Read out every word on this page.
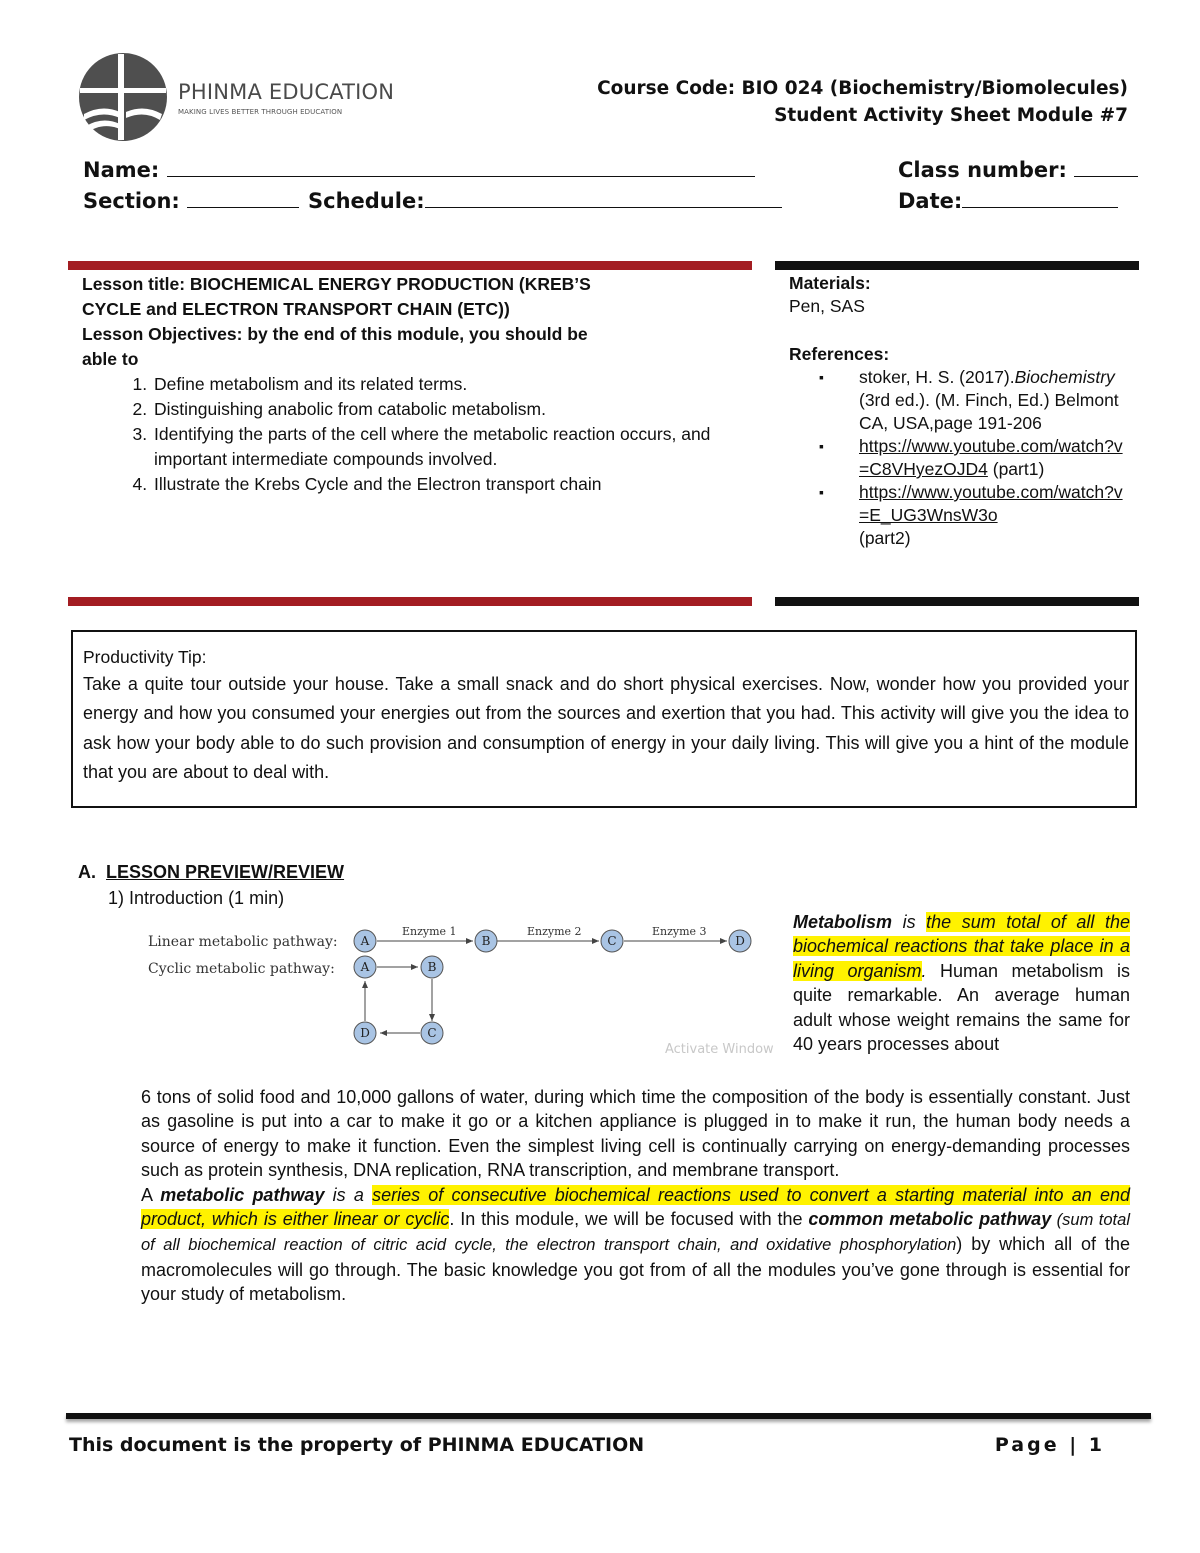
PHINMA EDUCATION
MAKING LIVES BETTER THROUGH EDUCATION
Course Code: BIO 024 (Biochemistry/Biomolecules)
Student Activity Sheet Module #7
Name:	Class number:
Section:	Schedule:	Date:
Lesson title: BIOCHEMICAL ENERGY PRODUCTION (KREB’S
CYCLE and ELECTRON TRANSPORT CHAIN (ETC))
Lesson Objectives: by the end of this module, you should be
able to
1. Define metabolism and its related terms.
2. Distinguishing anabolic from catabolic metabolism.
3. Identifying the parts of the cell where the metabolic reaction occurs, and important intermediate compounds involved.
4. Illustrate the Krebs Cycle and the Electron transport chain
Materials:
Pen, SAS
References:
▪ stoker, H. S. (2017).Biochemistry (3rd ed.). (M. Finch, Ed.) Belmont CA, USA,page 191-206
▪ https://www.youtube.com/watch?v=C8VHyezOJD4 (part1)
▪ https://www.youtube.com/watch?v=E_UG3WnsW3o
(part2)
Productivity Tip:
Take a quite tour outside your house. Take a small snack and do short physical exercises. Now, wonder how you provided your energy and how you consumed your energies out from the sources and exertion that you had. This activity will give you the idea to ask how your body able to do such provision and consumption of energy in your daily living. This will give you a hint of the module that you are about to deal with.
A. LESSON PREVIEW/REVIEW
1) Introduction (1 min)
Linear metabolic pathway:
Cyclic metabolic pathway:
Enzyme 1	Enzyme 2	Enzyme 3
A	B	C	D
A	B
C
D
Activate Window
Metabolism is the sum total of all the biochemical reactions that take place in a living organism. Human metabolism is quite remarkable. An average human adult whose weight remains the same for 40 years processes about
6 tons of solid food and 10,000 gallons of water, during which time the composition of the body is essentially constant. Just as gasoline is put into a car to make it go or a kitchen appliance is plugged in to make it run, the human body needs a source of energy to make it function. Even the simplest living cell is continually carrying on energy-demanding processes such as protein synthesis, DNA replication, RNA transcription, and membrane transport.
A metabolic pathway is a series of consecutive biochemical reactions used to convert a starting material into an end product, which is either linear or cyclic. In this module, we will be focused with the common metabolic pathway (sum total of all biochemical reaction of citric acid cycle, the electron transport chain, and oxidative phosphorylation) by which all of the macromolecules will go through. The basic knowledge you got from of all the modules you’ve gone through is essential for your study of metabolism.
This document is the property of PHINMA EDUCATION	Page | 1
